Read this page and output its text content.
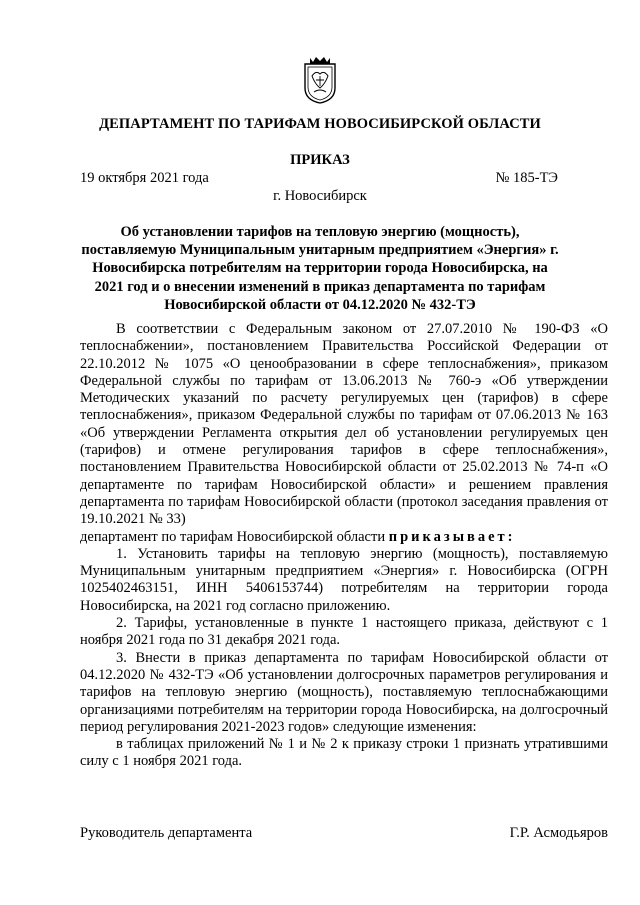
ДЕПАРТАМЕНТ ПО ТАРИФАМ НОВОСИБИРСКОЙ ОБЛАСТИ
ПРИКАЗ
19 октября 2021 года	№ 185-ТЭ
г. Новосибирск
Об установлении тарифов на тепловую энергию (мощность), поставляемую Муниципальным унитарным предприятием «Энергия» г. Новосибирска потребителям на территории города Новосибирска, на 2021 год и о внесении изменений в приказ департамента по тарифам Новосибирской области от 04.12.2020 № 432-ТЭ

В соответствии с Федеральным законом от 27.07.2010 № 190-ФЗ «О теплоснабжении», постановлением Правительства Российской Федерации от 22.10.2012 № 1075 «О ценообразовании в сфере теплоснабжения», приказом Федеральной службы по тарифам от 13.06.2013 № 760-э «Об утверждении Методических указаний по расчету регулируемых цен (тарифов) в сфере теплоснабжения», приказом Федеральной службы по тарифам от 07.06.2013 № 163 «Об утверждении Регламента открытия дел об установлении регулируемых цен (тарифов) и отмене регулирования тарифов в сфере теплоснабжения», постановлением Правительства Новосибирской области от 25.02.2013 № 74-п «О департаменте по тарифам Новосибирской области» и решением правления департамента по тарифам Новосибирской области (протокол заседания правления от 19.10.2021 № 33)

департамент по тарифам Новосибирской области приказывает:

1. Установить тарифы на тепловую энергию (мощность), поставляемую Муниципальным унитарным предприятием «Энергия» г. Новосибирска (ОГРН 1025402463151, ИНН 5406153744) потребителям на территории города Новосибирска, на 2021 год согласно приложению.

2. Тарифы, установленные в пункте 1 настоящего приказа, действуют с 1 ноября 2021 года по 31 декабря 2021 года.

3. Внести в приказ департамента по тарифам Новосибирской области от 04.12.2020 № 432-ТЭ «Об установлении долгосрочных параметров регулирования и тарифов на тепловую энергию (мощность), поставляемую теплоснабжающими организациями потребителям на территории города Новосибирска, на долгосрочный период регулирования 2021-2023 годов» следующие изменения:

в таблицах приложений № 1 и № 2 к приказу строки 1 признать утратившими силу с 1 ноября 2021 года.

Руководитель департамента	Г.Р. Асмодьяров
